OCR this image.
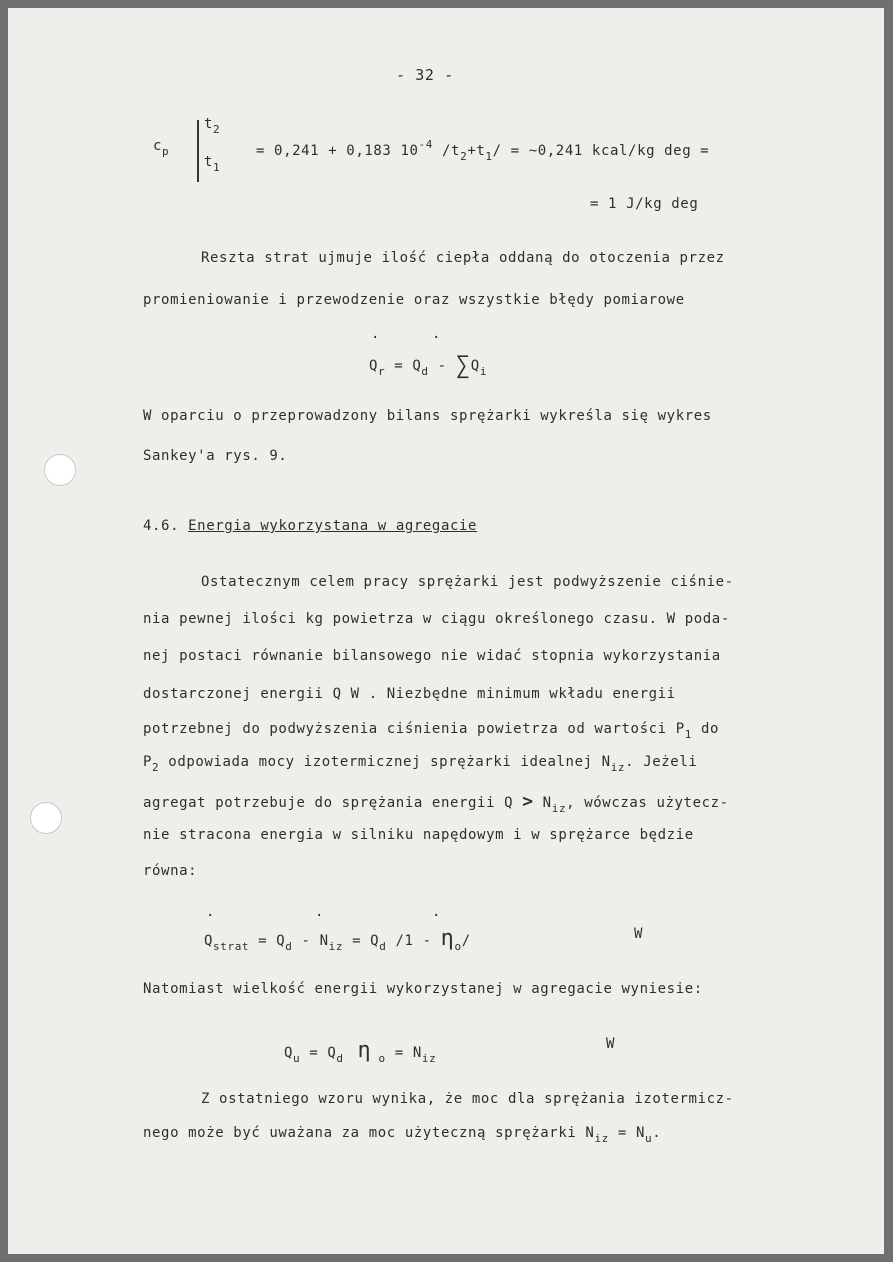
- 32 -
$c_p$
$t_2$
$t_1$
= 0,241 + 0,183 $10^{-4}$ $/t_2+t_1/$ = ~0,241 kcal/kg deg =
= 1 J/kg deg
Reszta strat ujmuje ilość ciepła oddaną do otoczenia przez
promieniowanie i przewodzenie oraz wszystkie błędy pomiarowe
·	·
$Q_r = Q_d - \sum Q_i$
W oparciu o przeprowadzony bilans sprężarki wykreśla się wykres
Sankey'a rys. 9.
4.6. Energia wykorzystana w agregacie
Ostatecznym celem pracy sprężarki jest podwyższenie ciśnie-
nia pewnej ilości kg powietrza w ciągu określonego czasu. W poda-
nej postaci równanie bilansowego nie widać stopnia wykorzystania
dostarczonej energii Q W . Niezbędne minimum wkładu energii
potrzebnej do podwyższenia ciśnienia powietrza od wartości $P_1$ do
$P_2$ odpowiada mocy izotermicznej sprężarki idealnej $N_{iz}$. Jeżeli
agregat potrzebuje do sprężania energii $Q > N_{iz}$, wówczas użytecz-
nie stracona energia w silniku napędowym i w sprężarce będzie
równa:
·	·	·
$Q_{strat} = Q_d - N_{iz} = Q_d$ $/1 - \eta_o/$	W
Natomiast wielkość energii wykorzystanej w agregacie wyniesie:
$Q_u = Q_d$ η $_o = N_{iz}$
W
Z ostatniego wzoru wynika, że moc dla sprężania izotermicz-
nego może być uważana za moc użyteczną sprężarki $N_{iz} = N_u$.
